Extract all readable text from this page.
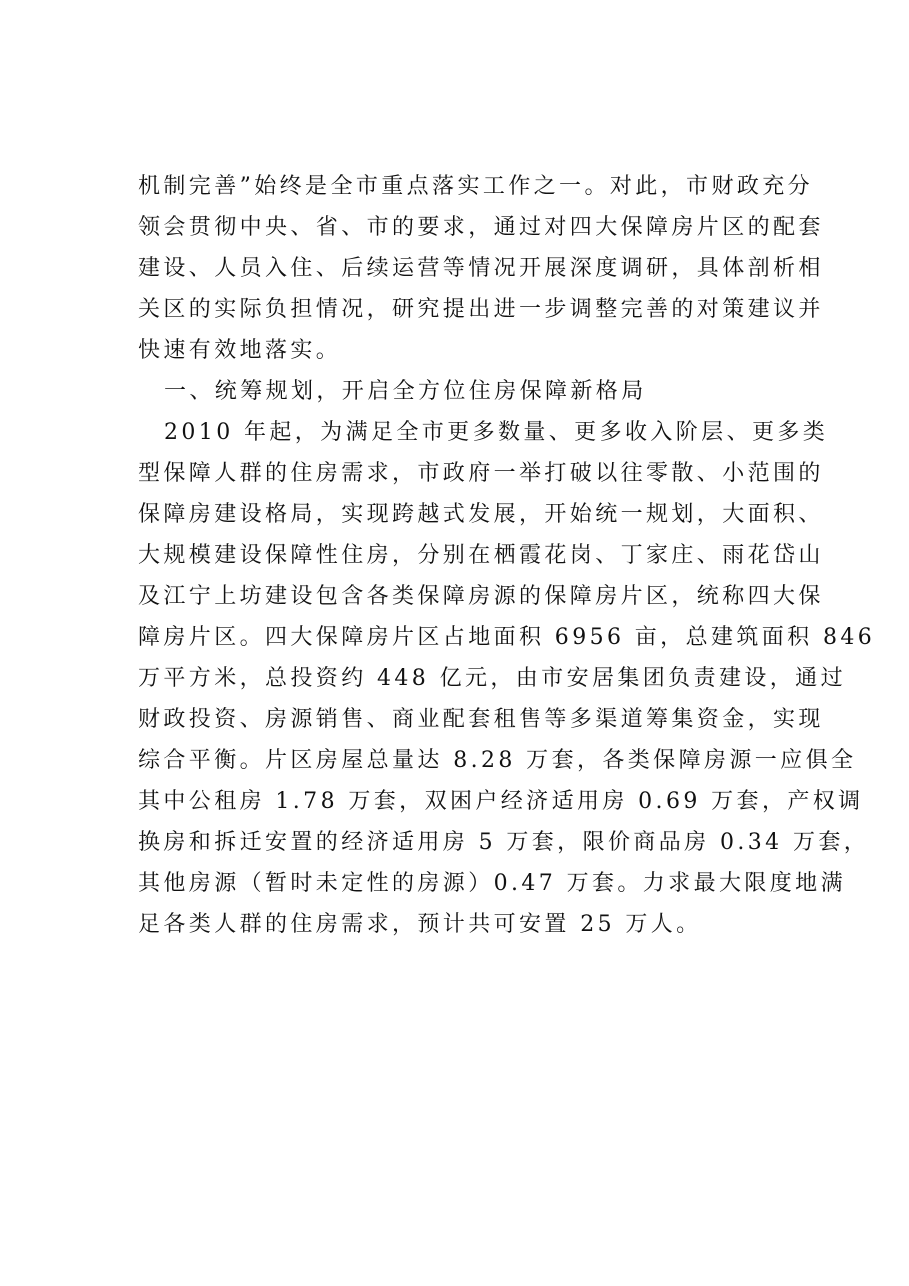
机制完善”始终是全市重点落实工作之一。对此，市财政充分
领会贯彻中央、省、市的要求，通过对四大保障房片区的配套
建设、人员入住、后续运营等情况开展深度调研，具体剖析相
关区的实际负担情况，研究提出进一步调整完善的对策建议并
快速有效地落实。
一、统筹规划，开启全方位住房保障新格局
2010 年起，为满足全市更多数量、更多收入阶层、更多类
型保障人群的住房需求，市政府一举打破以往零散、小范围的
保障房建设格局，实现跨越式发展，开始统一规划，大面积、
大规模建设保障性住房，分别在栖霞花岗、丁家庄、雨花岱山
及江宁上坊建设包含各类保障房源的保障房片区，统称四大保
障房片区。四大保障房片区占地面积 6956 亩，总建筑面积 846
万平方米，总投资约 448 亿元，由市安居集团负责建设，通过
财政投资、房源销售、商业配套租售等多渠道筹集资金，实现
综合平衡。片区房屋总量达 8.28 万套，各类保障房源一应俱全
其中公租房 1.78 万套，双困户经济适用房 0.69 万套，产权调
换房和拆迁安置的经济适用房 5 万套，限价商品房 0.34 万套，
其他房源（暂时未定性的房源）0.47 万套。力求最大限度地满
足各类人群的住房需求，预计共可安置 25 万人。
